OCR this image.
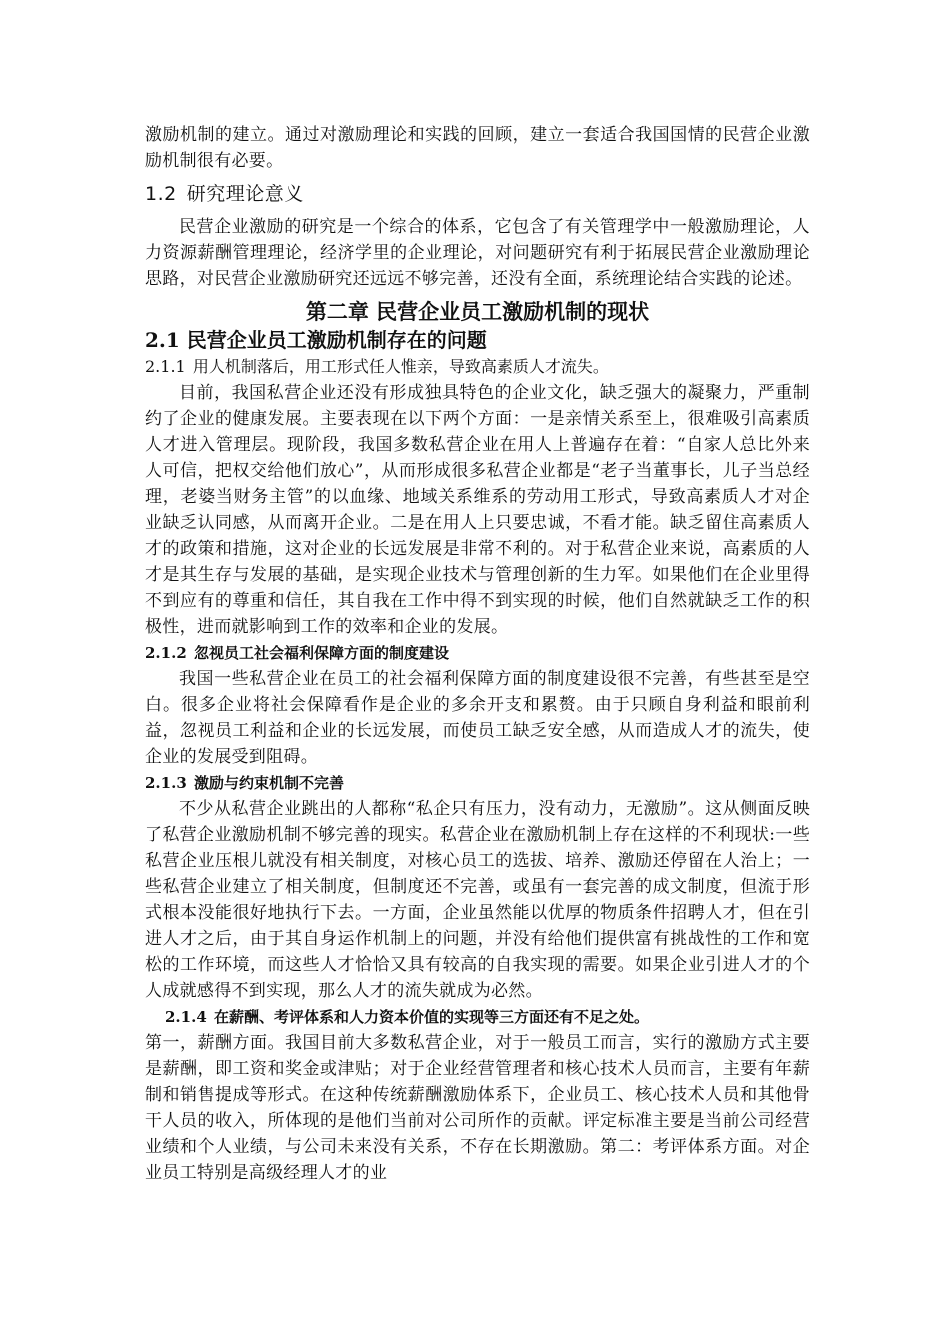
激励机制的建立。通过对激励理论和实践的回顾，建立一套适合我国国情的民营企业激励机制很有必要。

1.2 研究理论意义

民营企业激励的研究是一个综合的体系，它包含了有关管理学中一般激励理论，人力资源薪酬管理理论，经济学里的企业理论，对问题研究有利于拓展民营企业激励理论思路，对民营企业激励研究还远远不够完善，还没有全面，系统理论结合实践的论述。

第二章 民营企业员工激励机制的现状
2.1 民营企业员工激励机制存在的问题
2.1.1 用人机制落后，用工形式任人惟亲，导致高素质人才流失。

目前，我国私营企业还没有形成独具特色的企业文化，缺乏强大的凝聚力，严重制约了企业的健康发展。主要表现在以下两个方面：一是亲情关系至上，很难吸引高素质人才进入管理层。现阶段，我国多数私营企业在用人上普遍存在着：“自家人总比外来人可信，把权交给他们放心”，从而形成很多私营企业都是“老子当董事长，儿子当总经理，老婆当财务主管”的以血缘、地域关系维系的劳动用工形式，导致高素质人才对企业缺乏认同感，从而离开企业。二是在用人上只要忠诚，不看才能。缺乏留住高素质人才的政策和措施，这对企业的长远发展是非常不利的。对于私营企业来说，高素质的人才是其生存与发展的基础，是实现企业技术与管理创新的生力军。如果他们在企业里得不到应有的尊重和信任，其自我在工作中得不到实现的时候，他们自然就缺乏工作的积极性，进而就影响到工作的效率和企业的发展。

2.1.2 忽视员工社会福利保障方面的制度建设

我国一些私营企业在员工的社会福利保障方面的制度建设很不完善，有些甚至是空白。很多企业将社会保障看作是企业的多余开支和累赘。由于只顾自身利益和眼前利益，忽视员工利益和企业的长远发展，而使员工缺乏安全感，从而造成人才的流失，使企业的发展受到阻碍。

2.1.3 激励与约束机制不完善

不少从私营企业跳出的人都称“私企只有压力，没有动力，无激励”。这从侧面反映了私营企业激励机制不够完善的现实。私营企业在激励机制上存在这样的不利现状:一些私营企业压根儿就没有相关制度，对核心员工的选拔、培养、激励还停留在人治上；一些私营企业建立了相关制度，但制度还不完善，或虽有一套完善的成文制度，但流于形式根本没能很好地执行下去。一方面，企业虽然能以优厚的物质条件招聘人才，但在引进人才之后，由于其自身运作机制上的问题，并没有给他们提供富有挑战性的工作和宽松的工作环境，而这些人才恰恰又具有较高的自我实现的需要。如果企业引进人才的个人成就感得不到实现，那么人才的流失就成为必然。

2.1.4 在薪酬、考评体系和人力资本价值的实现等三方面还有不足之处。

第一，薪酬方面。我国目前大多数私营企业，对于一般员工而言，实行的激励方式主要是薪酬，即工资和奖金或津贴；对于企业经营管理者和核心技术人员而言，主要有年薪制和销售提成等形式。在这种传统薪酬激励体系下，企业员工、核心技术人员和其他骨干人员的收入，所体现的是他们当前对公司所作的贡献。评定标准主要是当前公司经营业绩和个人业绩，与公司未来没有关系，不存在长期激励。第二：考评体系方面。对企业员工特别是高级经理人才的业
